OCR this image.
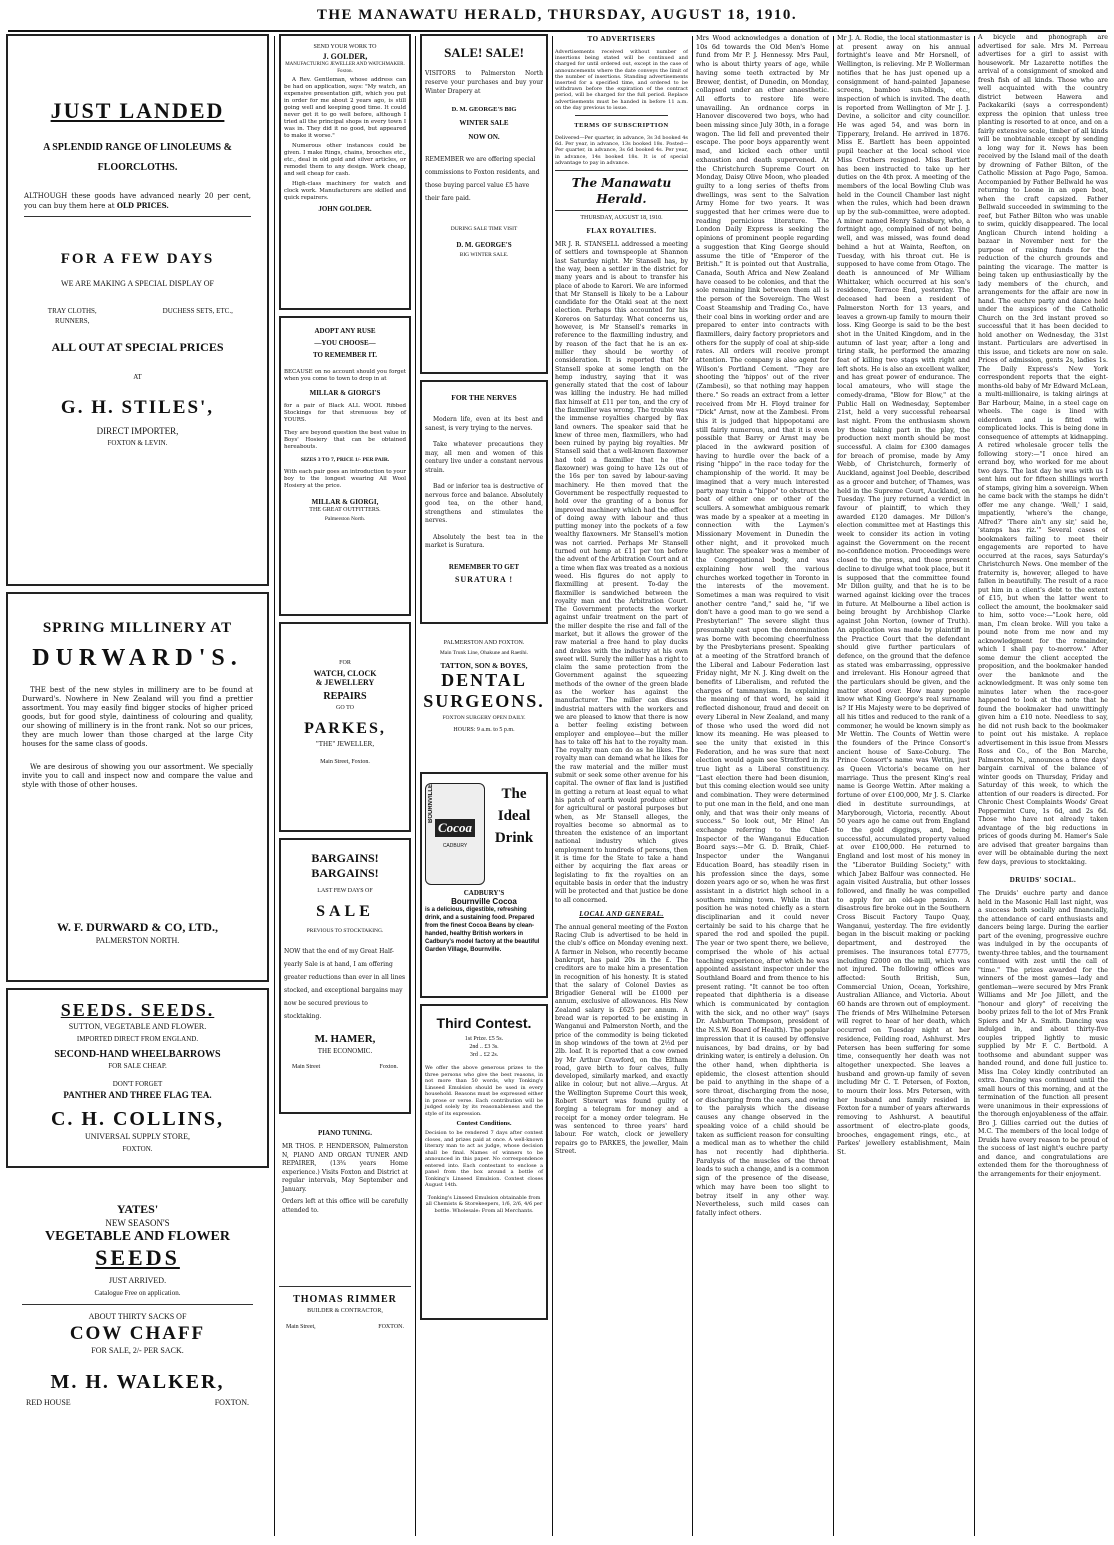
THE MANAWATU HERALD, THURSDAY, AUGUST 18, 1910.
JUST LANDED
A SPLENDID RANGE OF LINOLEUMS & FLOORCLOTHS.
ALTHOUGH these goods have advanced nearly 20 per cent, you can buy them here at OLD PRICES.
FOR A FEW DAYS
WE ARE MAKING A SPECIAL DISPLAY OF
TRAY CLOTHS, RUNNERS,
DUCHESS SETS, ETC.,
ALL OUT AT SPECIAL PRICES
AT
G. H. STILES',
DIRECT IMPORTER,
FOXTON & LEVIN.
SPRING MILLINERY AT
DURWARD'S.

THE best of the new styles in millinery are to be found at Durward's. Nowhere in New Zealand will you find a prettier assortment. You may easily find bigger stocks of higher priced goods, but for good style, daintiness of colouring and quality, our showing of millinery is in the front rank. Not so our prices, they are much lower than those charged at the large City houses for the same class of goods.

We are desirous of showing you our assortment. We specially invite you to call and inspect now and compare the value and style with those of other houses.

W. F. DURWARD & CO, LTD.,
PALMERSTON NORTH.
SEEDS. SEEDS.
SUTTON, VEGETABLE AND FLOWER.
IMPORTED DIRECT FROM ENGLAND.
SECOND-HAND WHEELBARROWS
FOR SALE CHEAP.
DON'T FORGET
PANTHER AND THREE FLAG TEA.
C. H. COLLINS,
UNIVERSAL SUPPLY STORE,
FOXTON.
YATES'
NEW SEASON'S
VEGETABLE AND FLOWER
SEEDS
JUST ARRIVED.
Catalogue Free on application.
ABOUT THIRTY SACKS OF
COW CHAFF
FOR SALE, 2/- PER SACK.
M. H. WALKER,
RED HOUSE	FOXTON.
SEND YOUR WORK TO
J. GOLDER,
MANUFACTURING JEWELLER AND WATCHMAKER.
Foxton.

A Rev. Gentleman, whose address can be had on application, says: "My watch, an expensive presentation gift, which you put in order for me about 2 years ago, is still going well and keeping good time. It could never get it to go well before, although I tried all the principal shops in every town I was in. They did it no good, but appeared to make it worse."

Numerous other instances could be given. I make Rings, chains, brooches etc., etc., deal in old gold and silver articles, or remodel them to any design. Work cheap, and sell cheap for cash.

High-class machinery for watch and clock work. Manufacturers are skilled and quick repairers.

JOHN GOLDER.
ADOPT ANY RUSE
—YOU CHOOSE—
TO REMEMBER IT.
BECAUSE on no account should you forget when you come to town to drop in at
MILLAR & GIORGI'S
for a pair of Black ALL WOOL Ribbed Stockings for that strenuous boy of YOURS.
They are beyond question the best value in Boys' Hosiery that can be obtained hereabouts.
SIZES 3 TO 7, PRICE 1/- PER PAIR.
With each pair goes an introduction to your boy to the longest wearing All Wool Hosiery at the price.
MILLAR & GIORGI,
THE GREAT OUTFITTERS.
Palmerston North.
FOR
WATCH, CLOCK
& JEWELLERY
REPAIRS
GO TO
PARKES,
"THE" JEWELLER,
Main Street, Foxton.
BARGAINS!
BARGAINS!
LAST FEW DAYS OF
SALE
PREVIOUS TO STOCKTAKING.
NOW that the end of my Great Half-yearly Sale is at hand, I am offering greater reductions than ever in all lines stocked, and exceptional bargains may now be secured previous to stocktaking.
M. HAMER,
THE ECONOMIC.
Main Street	Foxton.
PIANO TUNING.
MR THOS. P. HENDERSON, Palmerston N, PIANO AND ORGAN TUNER AND REPAIRER, (13¾ years Home experience.) Visits Foxton and District at regular intervals, May September and January.
Orders left at this office will be carefully attended to.
THOMAS RIMMER
BUILDER & CONTRACTOR,
Main Street,	FOXTON.
SALE! SALE!
VISITORS to Palmerston North reserve your purchases and buy your Winter Drapery at
D. M. GEORGE'S BIG
WINTER SALE
NOW ON.
REMEMBER we are offering special commissions to Foxton residents, and those buying parcel value £5 have their fare paid.
DURING SALE TIME VISIT
D. M. GEORGE'S
BIG WINTER SALE.
FOR THE NERVES

Modern life, even at its best and sanest, is very trying to the nerves.

Take whatever precautions they may, all men and women of this century live under a constant nervous strain.

Bad or inferior tea is destructive of nervous force and balance. Absolutely good tea, on the other hand, strengthens and stimulates the nerves.

Absolutely the best tea in the market is Suratura.

REMEMBER TO GET
SURATURA !
PALMERSTON AND FOXTON.
Main Trunk Line, Ohakune and Raetihi.
TATTON, SON & BOYES,
DENTAL
SURGEONS.
FOXTON SURGERY OPEN DAILY.
HOURS: 9 a.m. to 5 p.m.
BOURNVILLE
Cocoa
CADBURY
The
Ideal
Drink
CADBURY'S
Bournville Cocoa
is a delicious, digestible, refreshing drink, and a sustaining food. Prepared from the finest Cocoa Beans by clean-handed, healthy British workers in Cadbury's model factory at the beautiful Garden Village, Bournville.
Third Contest.
1st Prize. £5 5s.
2nd .. £3 3s.
3rd .. £2 2s.
We offer the above generous prizes to the three persons who give the best reasons, in not more than 50 words, why Tonking's Linseed Emulsion should be used in every household. Reasons must be expressed either in prose or verse. Each contribution will be judged solely by its reasonableness and the style of its expression.
Contest Conditions.
Decision to be rendered 7 days after contest closes, and prizes paid at once. A well-known literary man to act as judge, whose decision shall be final. Names of winners to be announced in this paper. No correspondence entered into. Each contestant to enclose a panel from the box around a bottle of Tonking's Linseed Emulsion. Contest closes August 14th.
Tonking's Linseed Emulsion obtainable from all Chemists & Storekeepers, 1/6, 2/6, 4/6 per bottle. Wholesale: From all Merchants.
TO ADVERTISERS
Advertisements received without number of insertions being stated will be continued and charged for until ordered out, except in the case of announcements where the date conveys the limit of the number of insertions. Standing advertisements inserted for a specified time, and ordered to be withdrawn before the expiration of the contract period, will be charged for the full period. Replace advertisements must be handed in before 11 a.m. on the day previous to issue.
TERMS OF SUBSCRIPTION
Delivered—Per quarter, in advance, 3s 3d booked 4s 6d. Per year, in advance, 13s booked 18s. Posted—Per quarter, in advance, 3s 6d booked 4s. Per year, in advance, 14s booked 18s. It is of special advantage to pay in advance.
The Manawatu Herald.
THURSDAY, AUGUST 18, 1910.
FLAX ROYALTIES.
MR J. R. STANSELL addressed a meeting of settlers and townspeople at Shannon last Saturday night. Mr Stansell has, by the way, been a settler in the district for many years and is about to transfer his place of abode to Karori. We are informed that Mr Stansell is likely to be a Labour candidate for the Otaki seat at the next election. Perhaps this accounted for his Koreros on Saturday. What concerns us, however, is Mr Stansell's remarks in reference to the flaxmilling industry, and by reason of the fact that he is an ex-miller they should be worthy of consideration. It is reported that Mr Stansell spoke at some length on the hemp industry, saying that it was generally stated that the cost of labour was killing the industry. He had milled flax himself at £11 per ton, and the cry of the flaxmiller was wrong. The trouble was the immense royalties charged by flax land owners. The speaker said that he knew of three men, flaxmillers, who had been ruined by paying big royalties. Mr Stansell said that a well-known flaxowner had told a flaxmiller that he (the flaxowner) was going to have 12s out of the 16s per ton saved by labour-saving machinery. He then moved that the Government be respectfully requested to hold over the granting of a bonus for improved machinery which had the effect of doing away with labour and thus putting money into the pockets of a few wealthy flaxowners. Mr Stansell's motion was not carried. Perhaps Mr Stansell turned out hemp at £11 per ton before the advent of the Arbitration Court and at a time when flax was treated as a noxious weed. His figures do not apply to flaxmilling at present. To-day the flaxmiller is sandwiched between the royalty man and the Arbitration Court. The Government protects the worker against unfair treatment on the part of the miller despite the rise and fall of the market, but it allows the grower of the raw material a free hand to play ducks and drakes with the industry at his own sweet will. Surely the miller has a right to claim the same protection from the Government against the squeezing methods of the owner of the green blade as the worker has against the manufacturer. The miller can discuss industrial matters with the workers and we are pleased to know that there is now a better feeling existing between employer and employee—but the miller has to take off his hat to the royalty man. The royalty man can do as he likes. The royalty man can demand what he likes for the raw material and the miller must submit or seek some other avenue for his capital. The owner of flax land is justified in getting a return at least equal to what his patch of earth would produce either for agricultural or pastoral purposes but when, as Mr Stansell alleges, the royalties become so abnormal as to threaten the existence of an important national industry which gives employment to hundreds of persons, then it is time for the State to take a hand either by acquiring the flax areas or legislating to fix the royalties on an equitable basis in order that the industry will be protected and that justice be done to all concerned.
LOCAL AND GENERAL.
The annual general meeting of the Foxton Racing Club is advertised to be held in the club's office on Monday evening next. A farmer in Nelson, who recently became bankrupt, has paid 20s in the £. The creditors are to make him a presentation in recognition of his honesty. It is stated that the salary of Colonel Davies as Brigadier General will be £1000 per annum, exclusive of allowances. His New Zealand salary is £625 per annum. A bread war is reported to be existing in Wanganui and Palmerston North, and the price of the commodity is being ticketed in shop windows of the town at 2½d per 2lb. loaf. It is reported that a cow owned by Mr Arthur Crawford, on the Eltham road, gave birth to four calves, fully developed, similarly marked, and exactly alike in colour, but not alive.—Argus. At the Wellington Supreme Court this week, Robert Stewart was found guilty of forging a telegram for money and a receipt for a money order telegram. He was sentenced to three years' hard labour. For watch, clock or jewellery repairs go to PARKES, the jeweller, Main Street.
Mrs Wood acknowledges a donation of 10s 6d towards the Old Men's Home fund from Mr P. J. Hennessy. Mrs Paul, who is about thirty years of age, while having some teeth extracted by Mr Brewer, dentist, of Dunedin, on Monday, collapsed under an ether anaesthetic. All efforts to restore life were unavailing. An ordnance corps in Hanover discovered two boys, who had been missing since July 30th, in a forage wagon. The lid fell and prevented their escape. The poor boys apparently went mad, and kicked each other until exhaustion and death supervened. At the Christchurch Supreme Court on Monday, Daisy Olive Moon, who pleaded guilty to a long series of thefts from dwellings, was sent to the Salvation Army Home for two years. It was suggested that her crimes were due to reading pernicious literature. The London Daily Express is seeking the opinions of prominent people regarding a suggestion that King George should assume the title of "Emperor of the British." It is pointed out that Australia, Canada, South Africa and New Zealand have ceased to be colonies, and that the sole remaining link between them all is the person of the Sovereign. The West Coast Steamship and Trading Co., have their coal bins in working order and are prepared to enter into contracts with flaxmillers, dairy factory proprietors and others for the supply of coal at ship-side rates. All orders will receive prompt attention. The company is also agent for Wilson's Portland Cement. "They are shooting the 'hippos' out of the river (Zambesi), so that nothing may happen there." So reads an extract from a letter received from Mr H. Floyd trainer for "Dick" Arnst, now at the Zambesi. From this it is judged that hippopotami are still fairly numerous, and that it is even possible that Barry or Arnst may be placed in the awkward position of having to hurdle over the back of a rising "hippo" in the race today for the championship of the world. It may be imagined that a very much interested party may train a "hippo" to obstruct the boat of either one or other of the scullers. A somewhat ambiguous remark was made by a speaker at a meeting in connection with the Laymen's Missionary Movement in Dunedin the other night, and it provoked much laughter. The speaker was a member of the Congregational body, and was explaining how well the various churches worked together in Toronto in the interests of the movement. Sometimes a man was required to visit another centre "and," said he, "if we don't have a good man to go we send a Presbyterian!" The severe slight thus presumably cast upon the denomination was borne with becoming cheerfulness by the Presbyterians present. Speaking at a meeting of the Stratford branch of the Liberal and Labour Federation last Friday night, Mr N. J. King dwelt on the benefits of Liberalism, and refuted the charges of tammanyism. In explaining the meaning of that word, he said it reflected dishonour, fraud and deceit on every Liberal in New Zealand, and many of those who used the word did not know its meaning. He was pleased to see the unity that existed in this Federation, and he was sure that next election would again see Stratford in its true light as a Liberal constituency. "Last election there had been disunion, but this coming election would see unity and combination. They were determined to put one man in the field, and one man only, and that was their only means of success." So look out, Mr Hine! An exchange referring to the Chief-Inspector of the Wanganui Education Board says:—Mr G. D. Braik, Chief-Inspector under the Wanganui Education Board, has steadily risen in his profession since the days, some dozen years ago or so, when he was first assistant in a district high school in a southern mining town. While in that position he was noted chiefly as a stern disciplinarian and it could never certainly be said to his charge that he spared the rod and spoiled the pupil. The year or two spent there, we believe, comprised the whole of his actual teaching experience, after which he was appointed assistant inspector under the Southland Board and from thence to his present rating. "It cannot be too often repeated that diphtheria is a disease which is communicated by contagion with the sick, and no other way" (says Dr. Ashburton Thompson, president of the N.S.W. Board of Health). The popular impression that it is caused by offensive nuisances, by bad drains, or by bad drinking water, is entirely a delusion. On the other hand, when diphtheria is epidemic, the closest attention should be paid to anything in the shape of a sore throat, discharging from the nose, or discharging from the ears, and owing to the paralysis which the disease causes any change observed in the speaking voice of a child should be taken as sufficient reason for consulting a medical man as to whether the child has not recently had diphtheria. Paralysis of the muscles of the throat leads to such a change, and is a common sign of the presence of the disease, which may have been too slight to betray itself in any other way. Nevertheless, such mild cases can fatally infect others.
Mr J. A. Rodie, the local stationmaster is at present away on his annual fortnight's leave and Mr Horsnell, of Wellington, is relieving. Mr P. Wollerman notifies that he has just opened up a consignment of hand-painted Japanese screens, bamboo sun-blinds, etc., inspection of which is invited. The death is reported from Wellington of Mr J. J. Devine, a solicitor and city councillor. He was aged 54, and was born in Tipperary, Ireland. He arrived in 1876. Miss E. Bartlett has been appointed pupil teacher at the local school vice Miss Crothers resigned. Miss Bartlett has been instructed to take up her duties on the 4th prox. A meeting of the members of the local Bowling Club was held in the Council Chamber last night when the rules, which had been drawn up by the sub-committee, were adopted. A miner named Henry Sainsbury, who, a fortnight ago, complained of not being well, and was missed, was found dead behind a hut at Wainta, Reefton, on Tuesday, with his throat cut. He is supposed to have come from Otago. The death is announced of Mr William Whittaker, which occurred at his son's residence, Terrace End, yesterday. The deceased had been a resident of Palmerston North for 13 years, and leaves a grown-up family to mourn their loss. King George is said to be the best shot in the United Kingdom, and in the autumn of last year, after a long and tiring stalk, he performed the amazing feat of killing two stags with right and left shots. He is also an excellent walker, and has great power of endurance. The local amateurs, who will stage the comedy-drama, "Blow for Blow," at the Public Hall on Wednesday, September 21st, held a very successful rehearsal last night. From the enthusiasm shown by those taking part in the play, the production next month should be most successful. A claim for £300 damages for breach of promise, made by Amy Webb, of Christchurch, formerly of Auckland, against Joel Deeble, described as a grocer and butcher, of Thames, was held in the Supreme Court, Auckland, on Tuesday. The jury returned a verdict in favour of plaintiff, to which they awarded £120 damages. Mr Dillon's election committee met at Hastings this week to consider its action in voting against the Government on the recent no-confidence motion. Proceedings were closed to the press, and those present decline to divulge what took place, but it is supposed that the committee found Mr Dillon guilty, and that he is to be warned against kicking over the traces in future. At Melbourne a libel action is being brought by Archbishop Clarke against John Norton, (owner of Truth). An application was made by plaintiff in the Practice Court that the defendant should give further particulars of defence, on the ground that the defence as stated was embarrassing, oppressive and irrelevant. His Honour agreed that the particulars should be given, and the matter stood over. How many people know what King George's real surname is? If His Majesty were to be deprived of all his titles and reduced to the rank of a commoner, he would be known simply as Mr Wettin. The Counts of Wettin were the founders of the Prince Consort's ancient house of Saxe-Coburg. The Prince Consort's name was Wettin, just as Queen Victoria's became on her marriage. Thus the present King's real name is George Wettin. After making a fortune of over £100,000, Mr J. S. Clarke died in destitute surroundings, at Maryborough, Victoria, recently. About 50 years ago he came out from England to the gold diggings, and, being successful, accumulated property valued at over £100,000. He returned to England and lost most of his money in the "Liberator Building Society," with which Jabez Balfour was connected. He again visited Australia, but other losses followed, and finally he was compelled to apply for an old-age pension. A disastrous fire broke out in the Southern Cross Biscuit Factory Taupo Quay, Wanganui, yesterday. The fire evidently began in the biscuit making or packing department, and destroyed the premises. The insurances total £7775, including £2000 on the mill, which was not injured. The following offices are affected: South British, Sun, Commercial Union, Ocean, Yorkshire, Australian Alliance, and Victoria. About 60 hands are thrown out of employment. The friends of Mrs Wilhelmine Petersen will regret to hear of her death, which occurred on Tuesday night at her residence, Feilding road, Ashhurst. Mrs Petersen has been suffering for some time, consequently her death was not altogether unexpected. She leaves a husband and grown-up family of seven including Mr C. T. Petersen, of Foxton, to mourn their loss. Mrs Petersen, with her husband and family resided in Foxton for a number of years afterwards removing to Ashhurst. A beautiful assortment of electro-plate goods, brooches, engagement rings, etc., at Parkes' jewellery establishment, Main St.
A bicycle and phonograph are advertised for sale. Mrs M. Perreau advertises for a girl to assist with housework. Mr Lazarette notifies the arrival of a consignment of smoked and fresh fish of all kinds. Those who are well acquainted with the country district between Hawera and Packakariki (says a correspondent) express the opinion that unless tree planting is resorted to at once, and on a fairly extensive scale, timber of all kinds will be unobtainable except by sending a long way for it. News has been received by the Island mail of the death by drowning of Father Bilton, of the Catholic Mission at Pago Pago, Samoa. Accompanied by Father Bellwald he was returning to Leone in an open boat, when the craft capsized. Father Bellwald succeeded in swimming to the reef, but Father Bilton who was unable to swim, quickly disappeared. The local Anglican Church intend holding a bazaar in November next for the purpose of raising funds for the reduction of the church grounds and painting the vicarage. The matter is being taken up enthusiastically by the lady members of the church, and arrangements for the affair are now in hand. The euchre party and dance held under the auspices of the Catholic Church on the 3rd instant proved so successful that it has been decided to hold another on Wednesday, the 31st instant. Particulars are advertised in this issue, and tickets are now on sale. Prices of admission, gents 2s, ladies 1s. The Daily Express's New York correspondent reports that the eight-months-old baby of Mr Edward McLean, a multi-millionaire, is taking airings at Bar Harbour, Maine, in a steel cage on wheels. The cage is lined with eiderdown and is fitted with complicated locks. This is being done in consequence of attempts at kidnapping. A retired wholesale grocer tells the following story:—"I once hired an errand boy, who worked for me about two days. The last day he was with us I sent him out for fifteen shillings worth of stamps, giving him a sovereign. When he came back with the stamps he didn't offer me any change. 'Well,' I said, impatiently, 'where's the change, Alfred?' 'There ain't any sir,' said he, 'stamps has riz.'" Several cases of bookmakers failing to meet their engagements are reported to have occurred at the races, says Saturday's Christchurch News. One member of the fraternity is, however, alleged to have fallen in beautifully. The result of a race put him in a client's debt to the extent of £15, but when the latter went to collect the amount, the bookmaker said to him, sotto voce:—"Look here, old man, I'm clean broke. Will you take a pound note from me now and my acknowledgment for the remainder, which I shall pay to-morrow." After some demur the client accepted the proposition, and the bookmaker handed over the banknote and the acknowledgment. It was only some ten minutes later when the race-goer happened to look at the note that he found the bookmaker had unwittingly given him a £10 note. Needless to say, he did not rush back to the bookmaker to point out his mistake. A replace advertisement in this issue from Messrs Ross and Co., of the Bon Marche, Palmerston N., announces a three days' bargain carnival of the balance of winter goods on Thursday, Friday and Saturday of this week, to which the attention of our readers is directed. For Chronic Chest Complaints Woods' Great Peppermint Cure, 1s 6d, and 2s 6d. Those who have not already taken advantage of the big reductions in prices of goods during M. Hamer's Sale are advised that greater bargains than ever will be obtainable during the next few days, previous to stocktaking.
DRUIDS' SOCIAL.
The Druids' euchre party and dance held in the Masonic Hall last night, was a success both socially and financially, the attendance of card enthusiasts and dancers being large. During the earlier part of the evening, progressive euchre was indulged in by the occupants of twenty-three tables, and the tournament continued with zest until the call of "time." The prizes awarded for the winners of the most games—lady and gentleman—were secured by Mrs Frank Williams and Mr Joe Jillett, and the "honour and glory" of receiving the booby prizes fell to the lot of Mrs Frank Spiers and Mr A. Smith. Dancing was indulged in, and about thirty-five couples tripped lightly to music supplied by Mr F. C. Bertbold. A toothsome and abundant supper was handed round, and done full justice to. Miss Ina Coley kindly contributed an extra. Dancing was continued until the small hours of this morning, and at the termination of the function all present were unanimous in their expressions of the thorough enjoyableness of the affair. Bro J. Gillies carried out the duties of M.C. The members of the local lodge of Druids have every reason to be proud of the success of last night's euchre party and dance, and congratulations are extended them for the thoroughness of the arrangements for their enjoyment.
